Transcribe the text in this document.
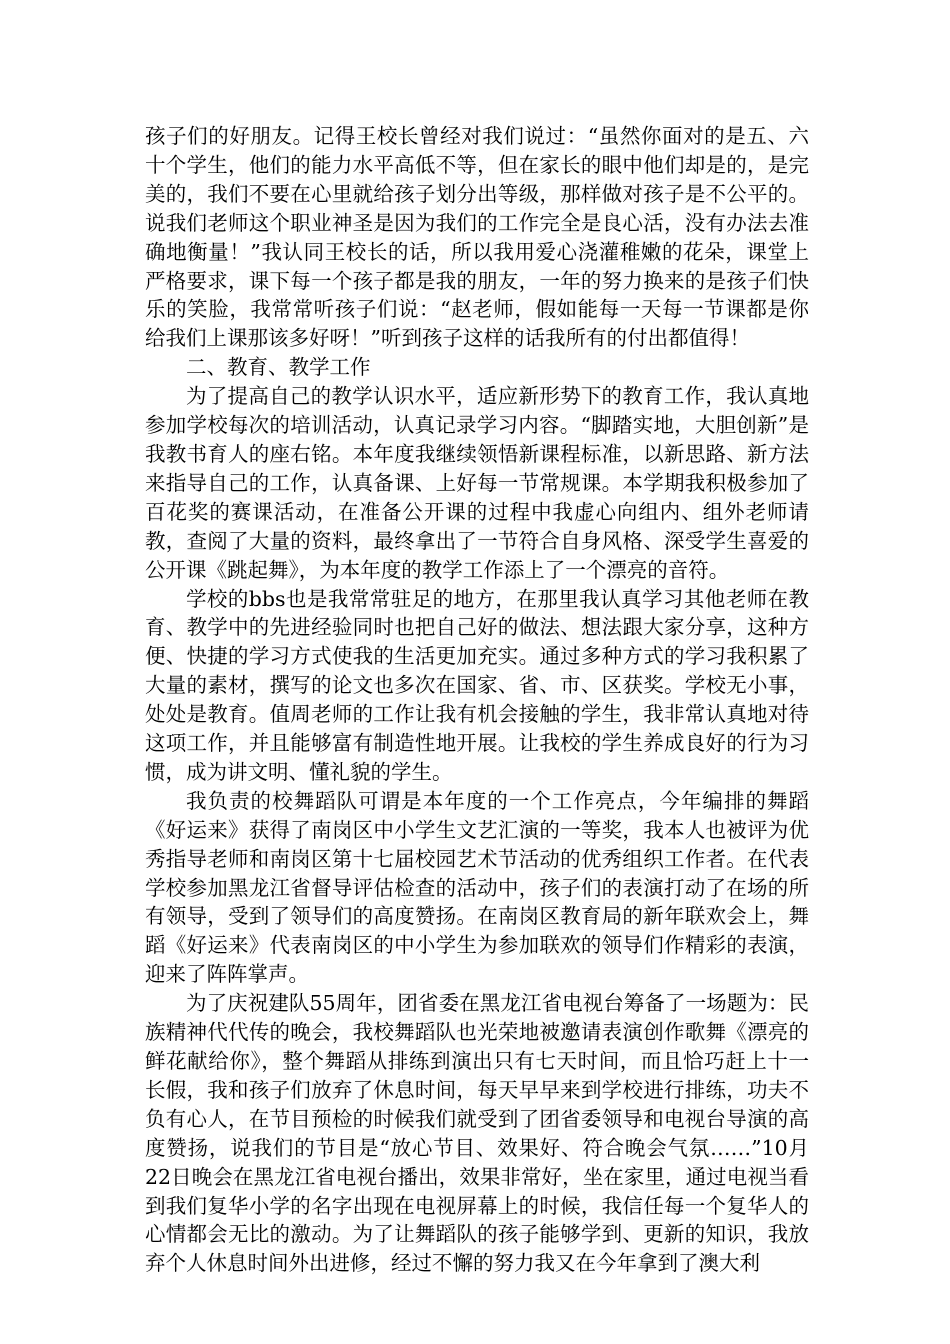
孩子们的好朋友。记得王校长曾经对我们说过：“虽然你面对的是五、六十个学生，他们的能力水平高低不等，但在家长的眼中他们却是的，是完美的，我们不要在心里就给孩子划分出等级，那样做对孩子是不公平的。说我们老师这个职业神圣是因为我们的工作完全是良心活，没有办法去准确地衡量！”我认同王校长的话，所以我用爱心浇灌稚嫩的花朵，课堂上严格要求，课下每一个孩子都是我的朋友，一年的努力换来的是孩子们快乐的笑脸，我常常听孩子们说：“赵老师，假如能每一天每一节课都是你给我们上课那该多好呀！”听到孩子这样的话我所有的付出都值得！

二、教育、教学工作

为了提高自己的教学认识水平，适应新形势下的教育工作，我认真地参加学校每次的培训活动，认真记录学习内容。“脚踏实地，大胆创新”是我教书育人的座右铭。本年度我继续领悟新课程标准，以新思路、新方法来指导自己的工作，认真备课、上好每一节常规课。本学期我积极参加了百花奖的赛课活动，在准备公开课的过程中我虚心向组内、组外老师请教，查阅了大量的资料，最终拿出了一节符合自身风格、深受学生喜爱的公开课《跳起舞》，为本年度的教学工作添上了一个漂亮的音符。

学校的bbs也是我常常驻足的地方，在那里我认真学习其他老师在教育、教学中的先进经验同时也把自己好的做法、想法跟大家分享，这种方便、快捷的学习方式使我的生活更加充实。通过多种方式的学习我积累了大量的素材，撰写的论文也多次在国家、省、市、区获奖。学校无小事，处处是教育。值周老师的工作让我有机会接触的学生，我非常认真地对待这项工作，并且能够富有制造性地开展。让我校的学生养成良好的行为习惯，成为讲文明、懂礼貌的学生。

我负责的校舞蹈队可谓是本年度的一个工作亮点，今年编排的舞蹈《好运来》获得了南岗区中小学生文艺汇演的一等奖，我本人也被评为优秀指导老师和南岗区第十七届校园艺术节活动的优秀组织工作者。在代表学校参加黑龙江省督导评估检查的活动中，孩子们的表演打动了在场的所有领导，受到了领导们的高度赞扬。在南岗区教育局的新年联欢会上，舞蹈《好运来》代表南岗区的中小学生为参加联欢的领导们作精彩的表演，迎来了阵阵掌声。

为了庆祝建队55周年，团省委在黑龙江省电视台筹备了一场题为：民族精神代代传的晚会，我校舞蹈队也光荣地被邀请表演创作歌舞《漂亮的鲜花献给你》，整个舞蹈从排练到演出只有七天时间，而且恰巧赶上十一长假，我和孩子们放弃了休息时间，每天早早来到学校进行排练，功夫不负有心人，在节目预检的时候我们就受到了团省委领导和电视台导演的高度赞扬，说我们的节目是“放心节目、效果好、符合晚会气氛……”10月22日晚会在黑龙江省电视台播出，效果非常好，坐在家里，通过电视当看到我们复华小学的名字出现在电视屏幕上的时候，我信任每一个复华人的心情都会无比的激动。为了让舞蹈队的孩子能够学到、更新的知识，我放弃个人休息时间外出进修，经过不懈的努力我又在今年拿到了澳大利
